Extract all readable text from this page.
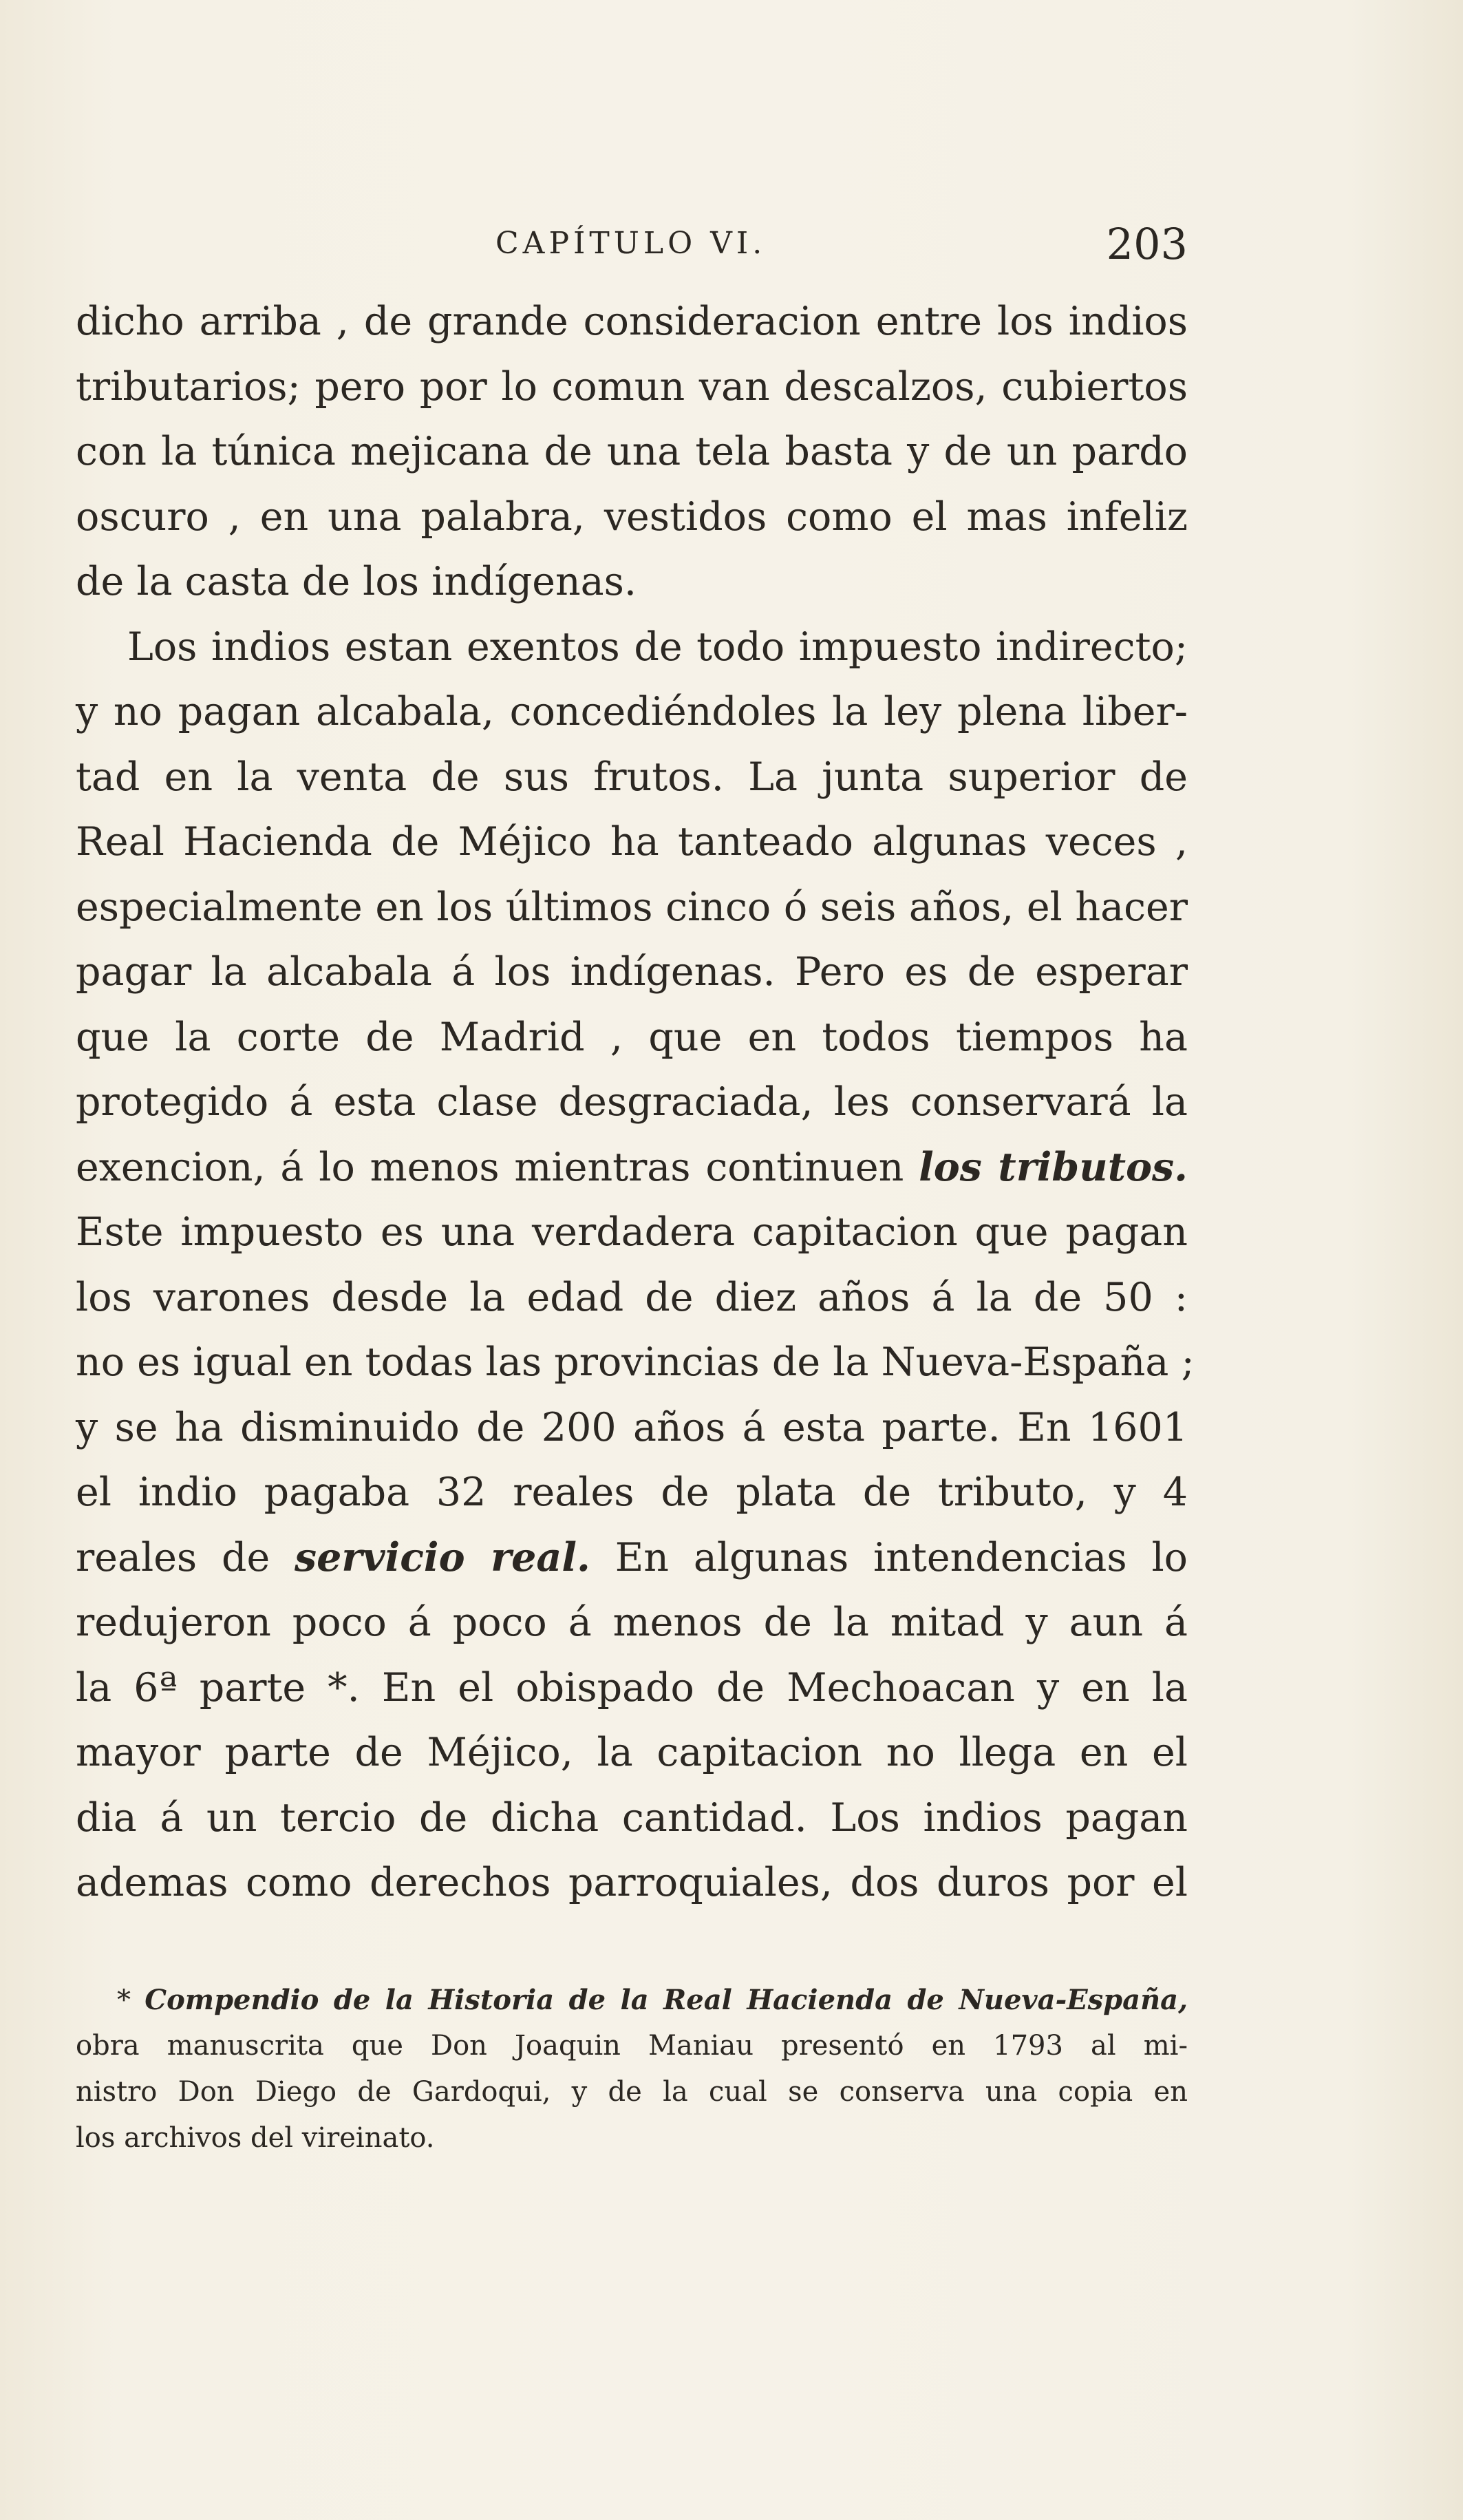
CAPÍTULO VI.	203
dicho arriba , de grande consideracion entre los indios
tributarios; pero por lo comun van descalzos, cubiertos
con la túnica mejicana de una tela basta y de un pardo
oscuro , en una palabra, vestidos como el mas infeliz
de la casta de los indígenas.
Los indios estan exentos de todo impuesto indirecto;
y no pagan alcabala, concediéndoles la ley plena liber-
tad en la venta de sus frutos. La junta superior de
Real Hacienda de Méjico ha tanteado algunas veces ,
especialmente en los últimos cinco ó seis años, el hacer
pagar la alcabala á los indígenas. Pero es de esperar
que la corte de Madrid , que en todos tiempos ha
protegido á esta clase desgraciada, les conservará la
exencion, á lo menos mientras continuen los tributos.
Este impuesto es una verdadera capitacion que pagan
los varones desde la edad de diez años á la de 50 :
no es igual en todas las provincias de la Nueva-España ;
y se ha disminuido de 200 años á esta parte. En 1601
el indio pagaba 32 reales de plata de tributo, y 4
reales de servicio real. En algunas intendencias lo
redujeron poco á poco á menos de la mitad y aun á
la 6ª parte *. En el obispado de Mechoacan y en la
mayor parte de Méjico, la capitacion no llega en el
dia á un tercio de dicha cantidad. Los indios pagan
ademas como derechos parroquiales, dos duros por el
* Compendio de la Historia de la Real Hacienda de Nueva-España,
obra manuscrita que Don Joaquin Maniau presentó en 1793 al mi-
nistro Don Diego de Gardoqui, y de la cual se conserva una copia en
los archivos del vireinato.
